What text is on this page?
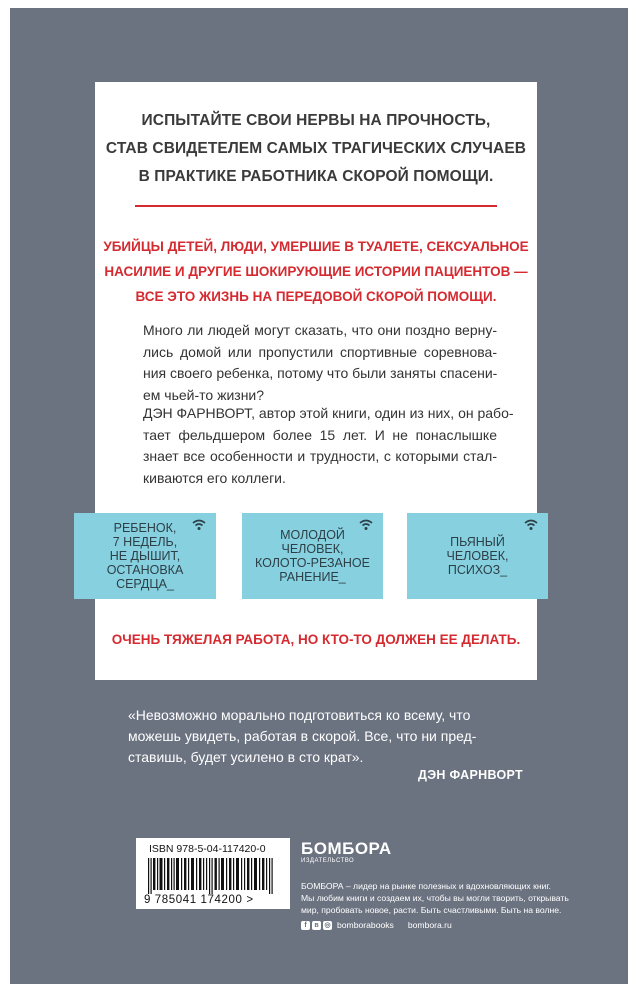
ИСПЫТАЙТЕ СВОИ НЕРВЫ НА ПРОЧНОСТЬ,
СТАВ СВИДЕТЕЛЕМ САМЫХ ТРАГИЧЕСКИХ СЛУЧАЕВ
В ПРАКТИКЕ РАБОТНИКА СКОРОЙ ПОМОЩИ.
УБИЙЦЫ ДЕТЕЙ, ЛЮДИ, УМЕРШИЕ В ТУАЛЕТЕ, СЕКСУАЛЬНОЕ
НАСИЛИЕ И ДРУГИЕ ШОКИРУЮЩИЕ ИСТОРИИ ПАЦИЕНТОВ —
ВСЕ ЭТО ЖИЗНЬ НА ПЕРЕДОВОЙ СКОРОЙ ПОМОЩИ.
Много ли людей могут сказать, что они поздно верну-
лись домой или пропустили спортивные соревнова-
ния своего ребенка, потому что были заняты спасени-
ем чьей-то жизни?
ДЭН ФАРНВОРТ, автор этой книги, один из них, он рабо-
тает фельдшером более 15 лет. И не понаслышке
знает все особенности и трудности, с которыми стал-
киваются его коллеги.
РЕБЕНОК,
7 НЕДЕЛЬ,
НЕ ДЫШИТ,
ОСТАНОВКА
СЕРДЦА_
МОЛОДОЙ
ЧЕЛОВЕК,
КОЛОТО-РЕЗАНОЕ
РАНЕНИЕ_
ПЬЯНЫЙ
ЧЕЛОВЕК,
ПСИХОЗ_
ОЧЕНЬ ТЯЖЕЛАЯ РАБОТА, НО КТО-ТО ДОЛЖЕН ЕЕ ДЕЛАТЬ.
«Невозможно морально подготовиться ко всему, что
можешь увидеть, работая в скорой. Все, что ни пред-
ставишь, будет усилено в сто крат».
ДЭН ФАРНВОРТ
ISBN 978-5-04-117420-0
9 785041 174200 >
БОМБОРА
ИЗДАТЕЛЬСТВО
БОМБОРА – лидер на рынке полезных и вдохновляющих книг.
Мы любим книги и создаем их, чтобы вы могли творить, открывать
мир, пробовать новое, расти. Быть счастливыми. Быть на волне.
f	в ◎ bomborabooks bombora.ru
